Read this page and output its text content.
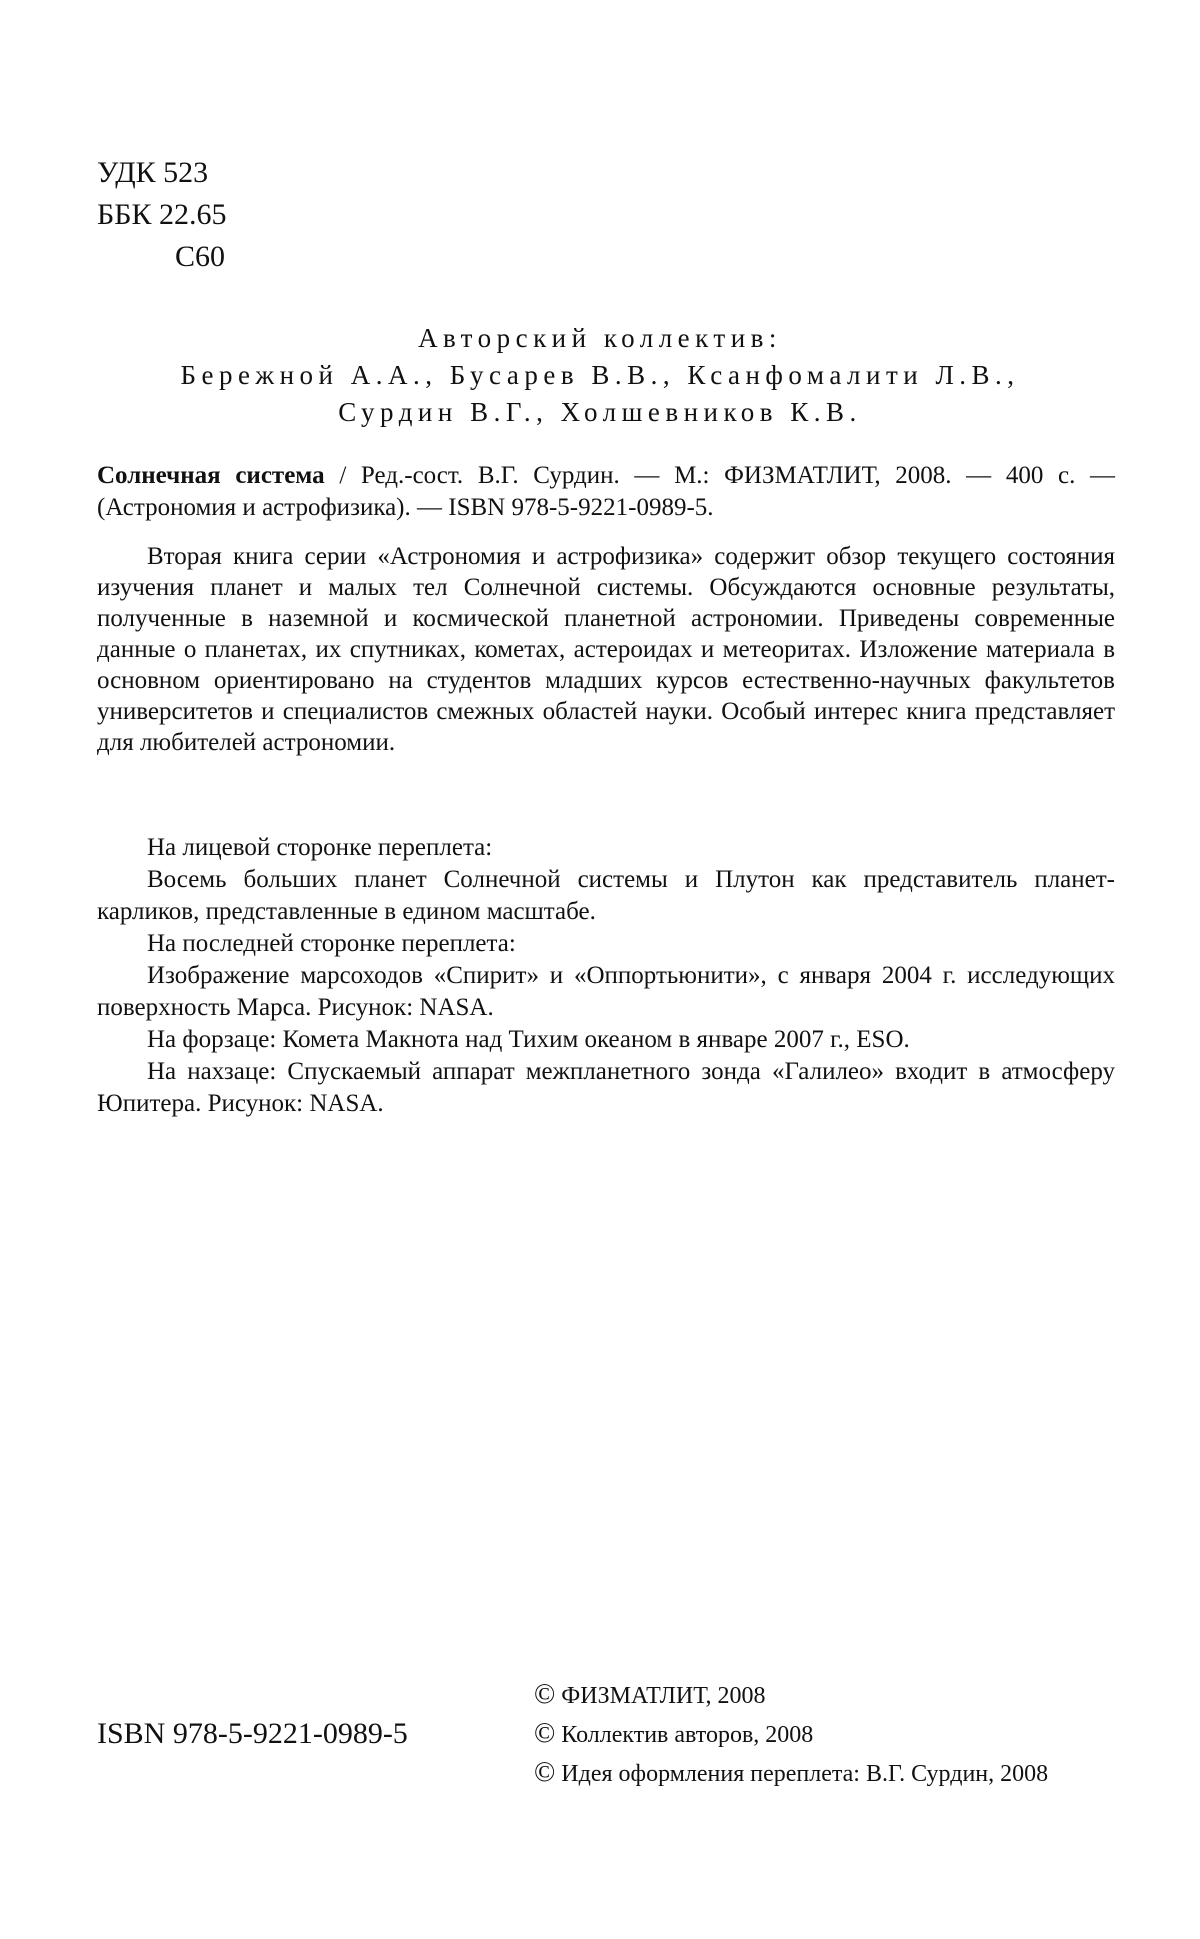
УДК 523
ББК 22.65
С60
Авторский коллектив:
Бережной А.А., Бусарев В.В., Ксанфомалити Л.В.,
Сурдин В.Г., Холшевников К.В.
Солнечная система / Ред.-сост. В.Г. Сурдин. — М.: ФИЗМАТЛИТ, 2008. — 400 с. — (Астрономия и астрофизика). — ISBN 978-5-9221-0989-5.

Вторая книга серии «Астрономия и астрофизика» содержит обзор текущего состояния изучения планет и малых тел Солнечной системы. Обсуждаются основные результаты, полученные в наземной и космической планетной астрономии. Приведены современные данные о планетах, их спутниках, кометах, астероидах и метеоритах. Изложение материала в основном ориентировано на студентов младших курсов естественно-научных факультетов университетов и специалистов смежных областей науки. Особый интерес книга представляет для любителей астрономии.

На лицевой сторонке переплета:

Восемь больших планет Солнечной системы и Плутон как представитель планет-карликов, представленные в едином масштабе.

На последней сторонке переплета:

Изображение марсоходов «Спирит» и «Оппортьюнити», с января 2004 г. исследующих поверхность Марса. Рисунок: NASA.

На форзаце: Комета Макнота над Тихим океаном в январе 2007 г., ESO.

На нахзаце: Спускаемый аппарат межпланетного зонда «Галилео» входит в атмосферу Юпитера. Рисунок: NASA.

ISBN 978-5-9221-0989-5
© ФИЗМАТЛИТ, 2008
© Коллектив авторов, 2008
© Идея оформления переплета: В.Г. Сурдин, 2008
